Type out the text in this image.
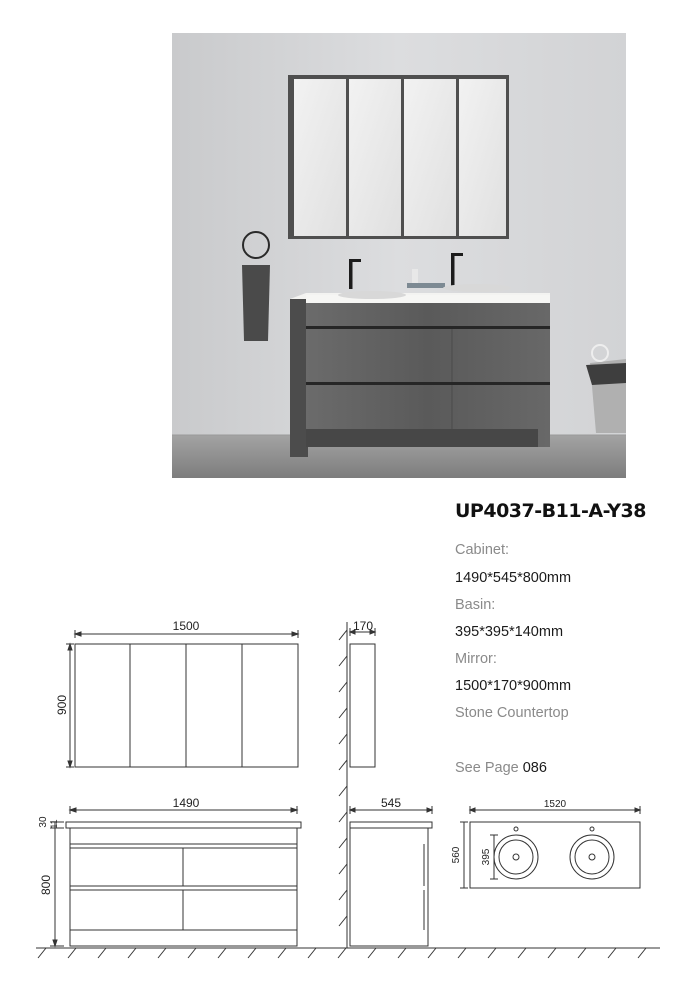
UP4037-B11-A-Y38
Cabinet:
1490*545*800mm
Basin:
395*395*140mm
Mirror:
1500*170*900mm
Stone Countertop
See Page 086
1500
900
170
1490
30 11
800
545	1520
560 395
